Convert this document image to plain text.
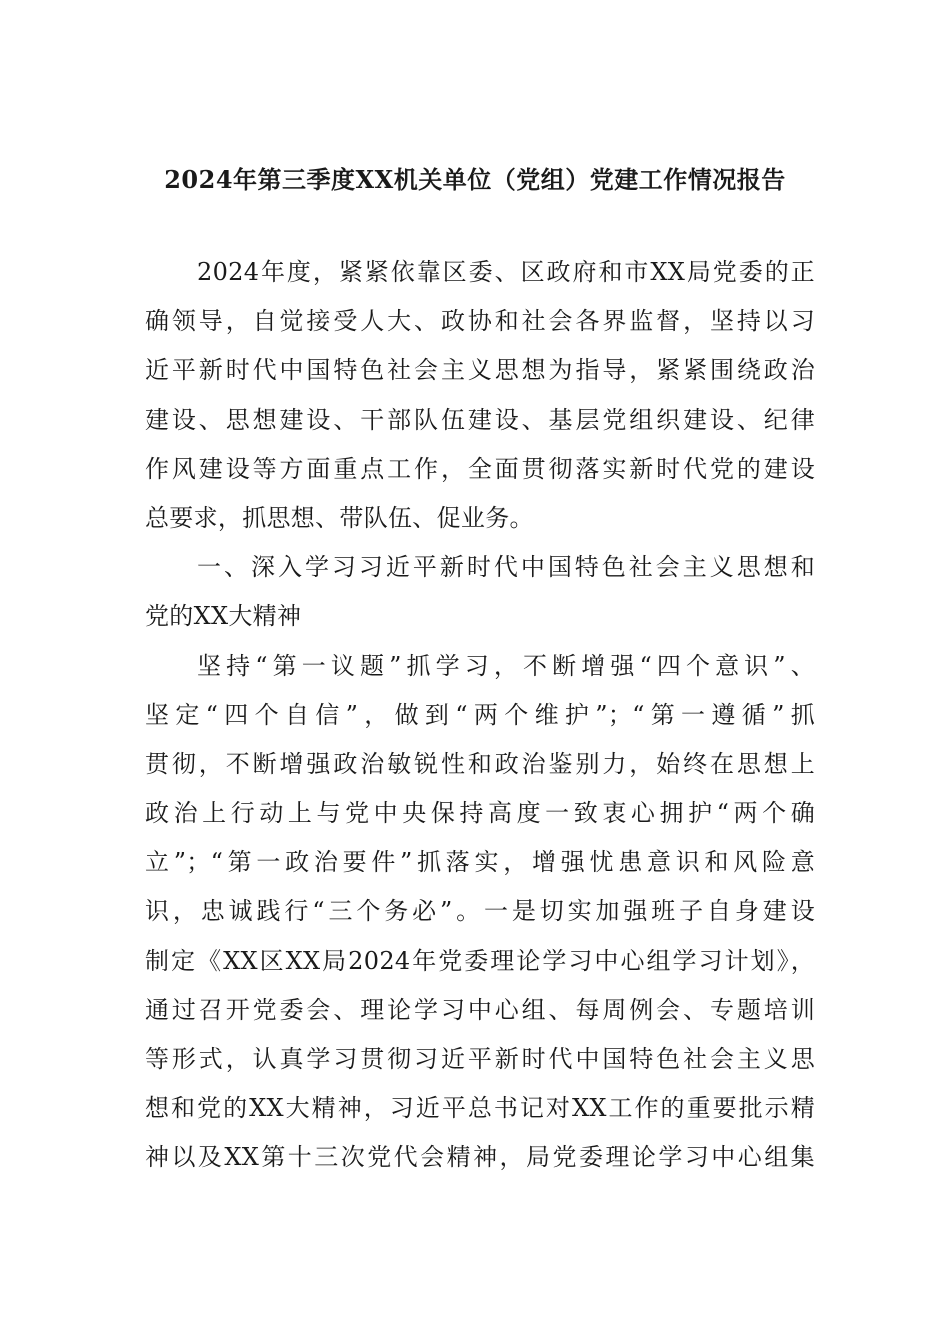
2024年第三季度XX机关单位（党组）党建工作情况报告
2024年度，紧紧依靠区委、区政府和市XX局党委的正
确领导，自觉接受人大、政协和社会各界监督，坚持以习
近平新时代中国特色社会主义思想为指导，紧紧围绕政治
建设、思想建设、干部队伍建设、基层党组织建设、纪律
作风建设等方面重点工作，全面贯彻落实新时代党的建设
总要求，抓思想、带队伍、促业务。
一、深入学习习近平新时代中国特色社会主义思想和
党的XX大精神
坚持“第一议题”抓学习，不断增强“四个意识”、
坚定“四个自信”，做到“两个维护”；“第一遵循”抓
贯彻，不断增强政治敏锐性和政治鉴别力，始终在思想上
政治上行动上与党中央保持高度一致衷心拥护“两个确
立”；“第一政治要件”抓落实，增强忧患意识和风险意
识，忠诚践行“三个务必”。一是切实加强班子自身建设
制定《XX区XX局2024年党委理论学习中心组学习计划》，
通过召开党委会、理论学习中心组、每周例会、专题培训
等形式，认真学习贯彻习近平新时代中国特色社会主义思
想和党的XX大精神，习近平总书记对XX工作的重要批示精
神以及XX第十三次党代会精神，局党委理论学习中心组集
